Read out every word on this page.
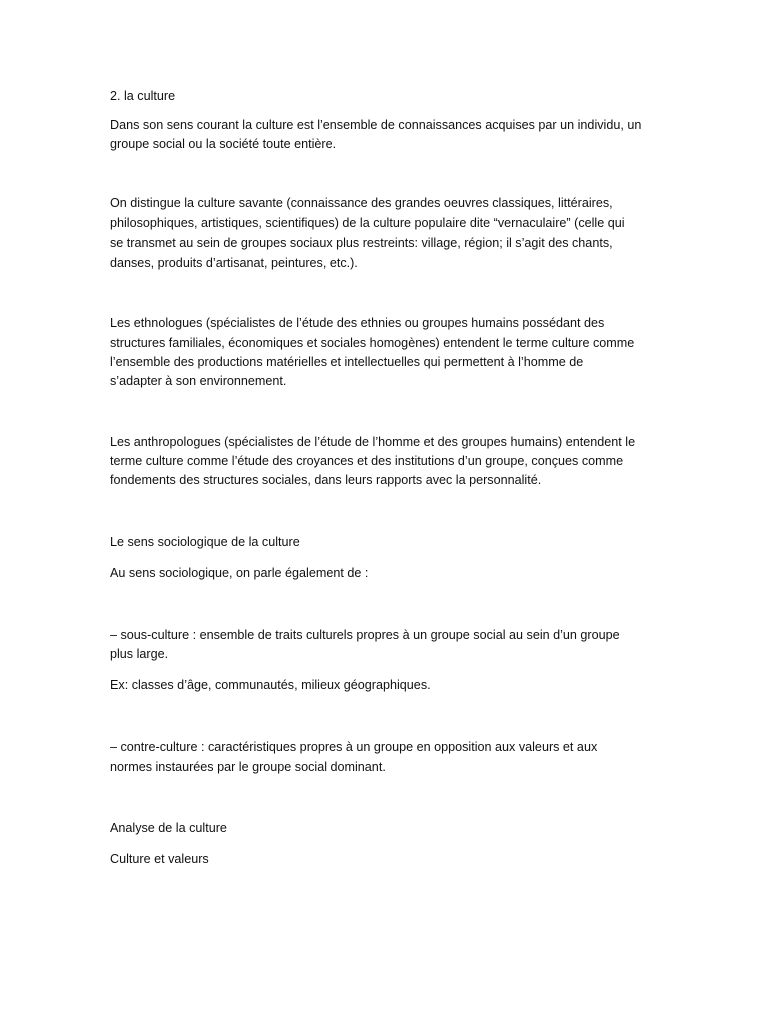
2. la culture
Dans son sens courant la culture est l’ensemble de connaissances acquises par un individu, un
groupe social ou la société toute entière.
On distingue la culture savante (connaissance des grandes oeuvres classiques, littéraires,
philosophiques, artistiques, scientifiques) de la culture populaire dite “vernaculaire” (celle qui
se transmet au sein de groupes sociaux plus restreints: village, région; il s’agit des chants,
danses, produits d’artisanat, peintures, etc.).
Les ethnologues (spécialistes de l’étude des ethnies ou groupes humains possédant des
structures familiales, économiques et sociales homogènes) entendent le terme culture comme
l’ensemble des productions matérielles et intellectuelles qui permettent à l’homme de
s’adapter à son environnement.
Les anthropologues (spécialistes de l’étude de l’homme et des groupes humains) entendent le
terme culture comme l’étude des croyances et des institutions d’un groupe, conçues comme
fondements des structures sociales, dans leurs rapports avec la personnalité.
Le sens sociologique de la culture
Au sens sociologique, on parle également de :
– sous-culture : ensemble de traits culturels propres à un groupe social au sein d’un groupe
plus large.
Ex: classes d’âge, communautés, milieux géographiques.
– contre-culture : caractéristiques propres à un groupe en opposition aux valeurs et aux
normes instaurées par le groupe social dominant.
Analyse de la culture
Culture et valeurs
